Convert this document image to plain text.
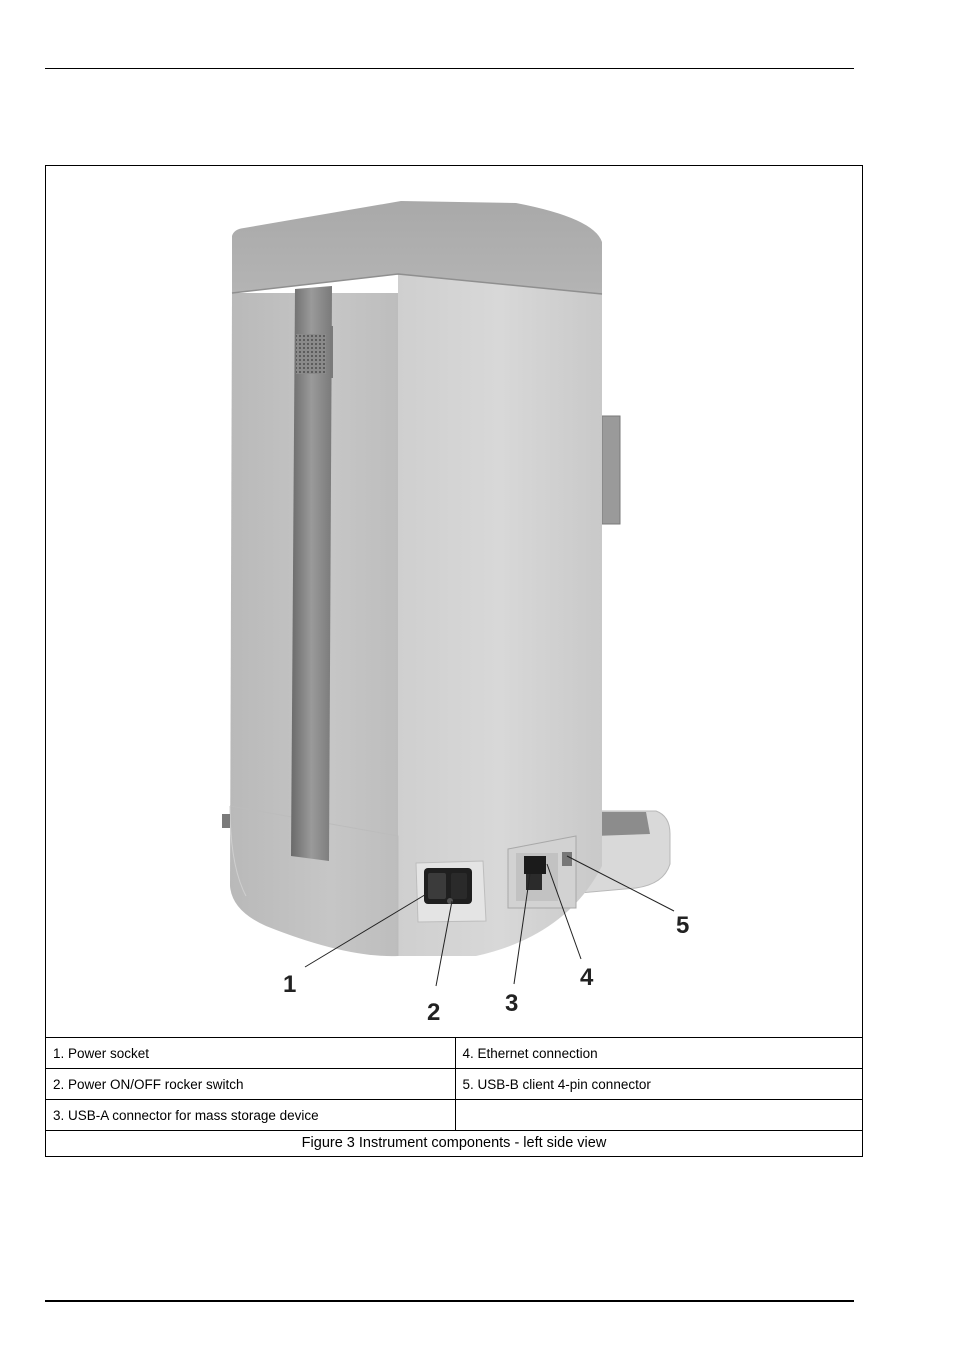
1
2	3
4
5
1. Power socket	4. Ethernet connection
2. Power ON/OFF rocker switch	5. USB-B client 4-pin connector
3. USB-A connector for mass storage device	
Figure 3 Instrument components - left side view	
